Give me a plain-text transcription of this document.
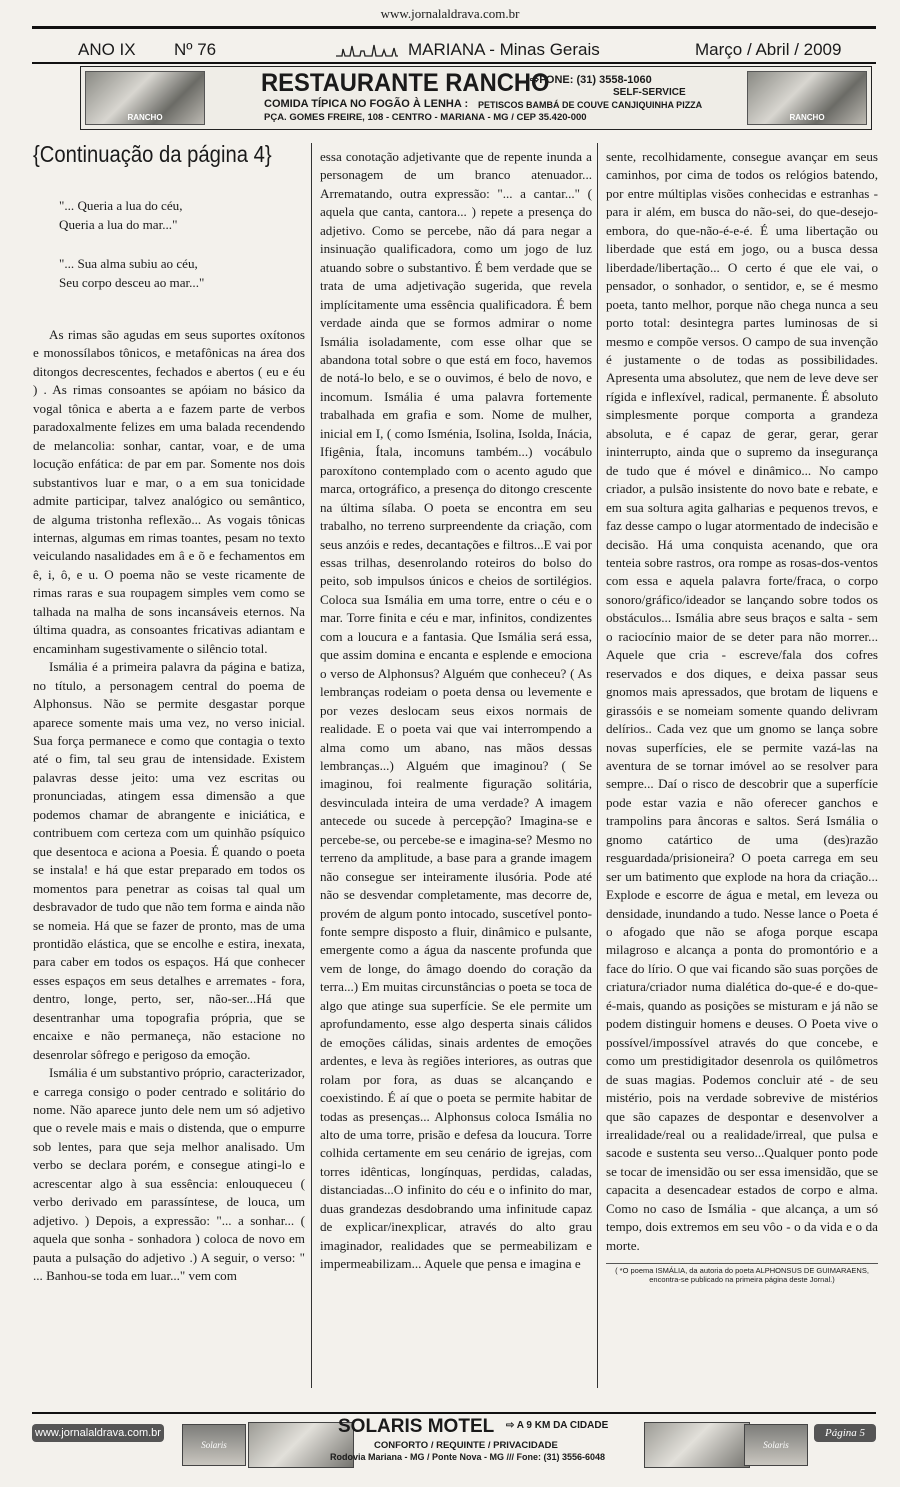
www.jornalaldrava.com.br
ANO IX Nº 76	MARIANA - Minas Gerais	Março / Abril / 2009
RANCHO	RANCHO
RESTAURANTE RANCHO
⇨FONE: (31) 3558-1060
SELF-SERVICE
COMIDA TÍPICA NO FOGÃO À LENHA : PETISCOS BAMBÁ DE COUVE CANJIQUINHA PIZZA
PÇA. GOMES FREIRE, 108 - CENTRO - MARIANA - MG / CEP 35.420-000
{Continuação da página 4}

"... Queria a lua do céu,

Queria a lua do mar..."

"... Sua alma subiu ao céu,

Seu corpo desceu ao mar..."

As rimas são agudas em seus suportes oxítonos e monossílabos tônicos, e metafônicas na área dos ditongos decrescentes, fechados e abertos ( eu e éu ) . As rimas consoantes se apóiam no básico da vogal tônica e aberta a e fazem parte de verbos paradoxalmente felizes em uma balada recendendo de melancolia: sonhar, cantar, voar, e de uma locução enfática: de par em par. Somente nos dois substantivos luar e mar, o a em sua tonicidade admite participar, talvez analógico ou semântico, de alguma tristonha reflexão... As vogais tônicas internas, algumas em rimas toantes, pesam no texto veiculando nasalidades em â e õ e fechamentos em ê, i, ô, e u. O poema não se veste ricamente de rimas raras e sua roupagem simples vem como se talhada na malha de sons incansáveis eternos. Na última quadra, as consoantes fricativas adiantam e encaminham sugestivamente o silêncio total.

Ismália é a primeira palavra da página e batiza, no título, a personagem central do poema de Alphonsus. Não se permite desgastar porque aparece somente mais uma vez, no verso inicial. Sua força permanece e como que contagia o texto até o fim, tal seu grau de intensidade. Existem palavras desse jeito: uma vez escritas ou pronunciadas, atingem essa dimensão a que podemos chamar de abrangente e iniciática, e contribuem com certeza com um quinhão psíquico que desentoca e aciona a Poesia. É quando o poeta se instala! e há que estar preparado em todos os momentos para penetrar as coisas tal qual um desbravador de tudo que não tem forma e ainda não se nomeia. Há que se fazer de pronto, mas de uma prontidão elástica, que se encolhe e estira, inexata, para caber em todos os espaços. Há que conhecer esses espaços em seus detalhes e arremates - fora, dentro, longe, perto, ser, não-ser...Há que desentranhar uma topografia própria, que se encaixe e não permaneça, não estacione no desenrolar sôfrego e perigoso da emoção.

Ismália é um substantivo próprio, caracterizador, e carrega consigo o poder centrado e solitário do nome. Não aparece junto dele nem um só adjetivo que o revele mais e mais o distenda, que o empurre sob lentes, para que seja melhor analisado. Um verbo se declara porém, e consegue atingi-lo e acrescentar algo à sua essência: enlouqueceu ( verbo derivado em parassíntese, de louca, um adjetivo. ) Depois, a expressão: "... a sonhar... ( aquela que sonha - sonhadora ) coloca de novo em pauta a pulsação do adjetivo .) A seguir, o verso: " ... Banhou-se toda em luar..." vem com

essa conotação adjetivante que de repente inunda a personagem de um branco atenuador... Arrematando, outra expressão: "... a cantar..." ( aquela que canta, cantora... ) repete a presença do adjetivo. Como se percebe, não dá para negar a insinuação qualificadora, como um jogo de luz atuando sobre o substantivo. É bem verdade que se trata de uma adjetivação sugerida, que revela implícitamente uma essência qualificadora. É bem verdade ainda que se formos admirar o nome Ismália isoladamente, com esse olhar que se abandona total sobre o que está em foco, havemos de notá-lo belo, e se o ouvimos, é belo de novo, e incomum. Ismália é uma palavra fortemente trabalhada em grafia e som. Nome de mulher, inicial em I, ( como Isménia, Isolina, Isolda, Inácia, Ifigênia, Ítala, incomuns também...) vocábulo paroxítono contemplado com o acento agudo que marca, ortográfico, a presença do ditongo crescente na última sílaba. O poeta se encontra em seu trabalho, no terreno surpreendente da criação, com seus anzóis e redes, decantações e filtros...E vai por essas trilhas, desenrolando roteiros do bolso do peito, sob impulsos únicos e cheios de sortilégios. Coloca sua Ismália em uma torre, entre o céu e o mar. Torre finita e céu e mar, infinitos, condizentes com a loucura e a fantasia. Que Ismália será essa, que assim domina e encanta e esplende e emociona o verso de Alphonsus? Alguém que conheceu? ( As lembranças rodeiam o poeta densa ou levemente e por vezes deslocam seus eixos normais de realidade. E o poeta vai que vai interrompendo a alma como um abano, nas mãos dessas lembranças...) Alguém que imaginou? ( Se imaginou, foi realmente figuração solitária, desvinculada inteira de uma verdade? A imagem antecede ou sucede à percepção? Imagina-se e percebe-se, ou percebe-se e imagina-se? Mesmo no terreno da amplitude, a base para a grande imagem não consegue ser inteiramente ilusória. Pode até não se desvendar completamente, mas decorre de, provém de algum ponto intocado, suscetível ponto-fonte sempre disposto a fluir, dinâmico e pulsante, emergente como a água da nascente profunda que vem de longe, do âmago doendo do coração da terra...) Em muitas circunstâncias o poeta se toca de algo que atinge sua superfície. Se ele permite um aprofundamento, esse algo desperta sinais cálidos de emoções cálidas, sinais ardentes de emoções ardentes, e leva às regiões interiores, as outras que rolam por fora, as duas se alcançando e coexistindo. É aí que o poeta se permite habitar de todas as presenças... Alphonsus coloca Ismália no alto de uma torre, prisão e defesa da loucura. Torre colhida certamente em seu cenário de igrejas, com torres idênticas, longínquas, perdidas, caladas, distanciadas...O infinito do céu e o infinito do mar, duas grandezas desdobrando uma infinitude capaz de explicar/inexplicar, através do alto grau imaginador, realidades que se permeabilizam e impermeabilizam... Aquele que pensa e imagina e

sente, recolhidamente, consegue avançar em seus caminhos, por cima de todos os relógios batendo, por entre múltiplas visões conhecidas e estranhas - para ir além, em busca do não-sei, do que-desejo-embora, do que-não-é-e-é. É uma libertação ou liberdade que está em jogo, ou a busca dessa liberdade/libertação... O certo é que ele vai, o pensador, o sonhador, o sentidor, e, se é mesmo poeta, tanto melhor, porque não chega nunca a seu porto total: desintegra partes luminosas de si mesmo e compõe versos. O campo de sua invenção é justamente o de todas as possibilidades. Apresenta uma absolutez, que nem de leve deve ser rígida e inflexível, radical, permanente. É absoluto simplesmente porque comporta a grandeza absoluta, e é capaz de gerar, gerar, gerar ininterrupto, ainda que o supremo da insegurança de tudo que é móvel e dinâmico... No campo criador, a pulsão insistente do novo bate e rebate, e em sua soltura agita galharias e pequenos trevos, e faz desse campo o lugar atormentado de indecisão e decisão. Há uma conquista acenando, que ora tenteia sobre rastros, ora rompe as rosas-dos-ventos com essa e aquela palavra forte/fraca, o corpo sonoro/gráfico/ideador se lançando sobre todos os obstáculos... Ismália abre seus braços e salta - sem o raciocínio maior de se deter para não morrer... Aquele que cria - escreve/fala dos cofres reservados e dos diques, e deixa passar seus gnomos mais apressados, que brotam de liquens e girassóis e se nomeiam somente quando delivram delírios.. Cada vez que um gnomo se lança sobre novas superfícies, ele se permite vazá-las na aventura de se tornar imóvel ao se resolver para sempre... Daí o risco de descobrir que a superfície pode estar vazia e não oferecer ganchos e trampolins para âncoras e saltos. Será Ismália o gnomo catártico de uma (des)razão resguardada/prisioneira? O poeta carrega em seu ser um batimento que explode na hora da criação... Explode e escorre de água e metal, em leveza ou densidade, inundando a tudo. Nesse lance o Poeta é o afogado que não se afoga porque escapa milagroso e alcança a ponta do promontório e a face do lírio. O que vai ficando são suas porções de criatura/criador numa dialética do-que-é e do-que-é-mais, quando as posições se misturam e já não se podem distinguir homens e deuses. O Poeta vive o possível/impossível através do que concebe, e como um prestidigitador desenrola os quilômetros de suas magias. Podemos concluir até - de seu mistério, pois na verdade sobrevive de mistérios que são capazes de despontar e desenvolver a irrealidade/real ou a realidade/irreal, que pulsa e sacode e sustenta seu verso...Qualquer ponto pode se tocar de imensidão ou ser essa imensidão, que se capacita a desencadear estados de corpo e alma. Como no caso de Ismália - que alcança, a um só tempo, dois extremos em seu vôo - o da vida e o da morte.

( *O poema ISMÁLIA, da autoria do poeta ALPHONSUS DE GUIMARAENS, encontra-se publicado na primeira página deste Jornal.)
www.jornalaldrava.com.br
Solaris
SOLARIS MOTEL ⇨ A 9 KM DA CIDADE
CONFORTO / REQUINTE / PRIVACIDADE
Rodovia Mariana - MG / Ponte Nova - MG /// Fone: (31) 3556-6048
Solaris
Página 5
